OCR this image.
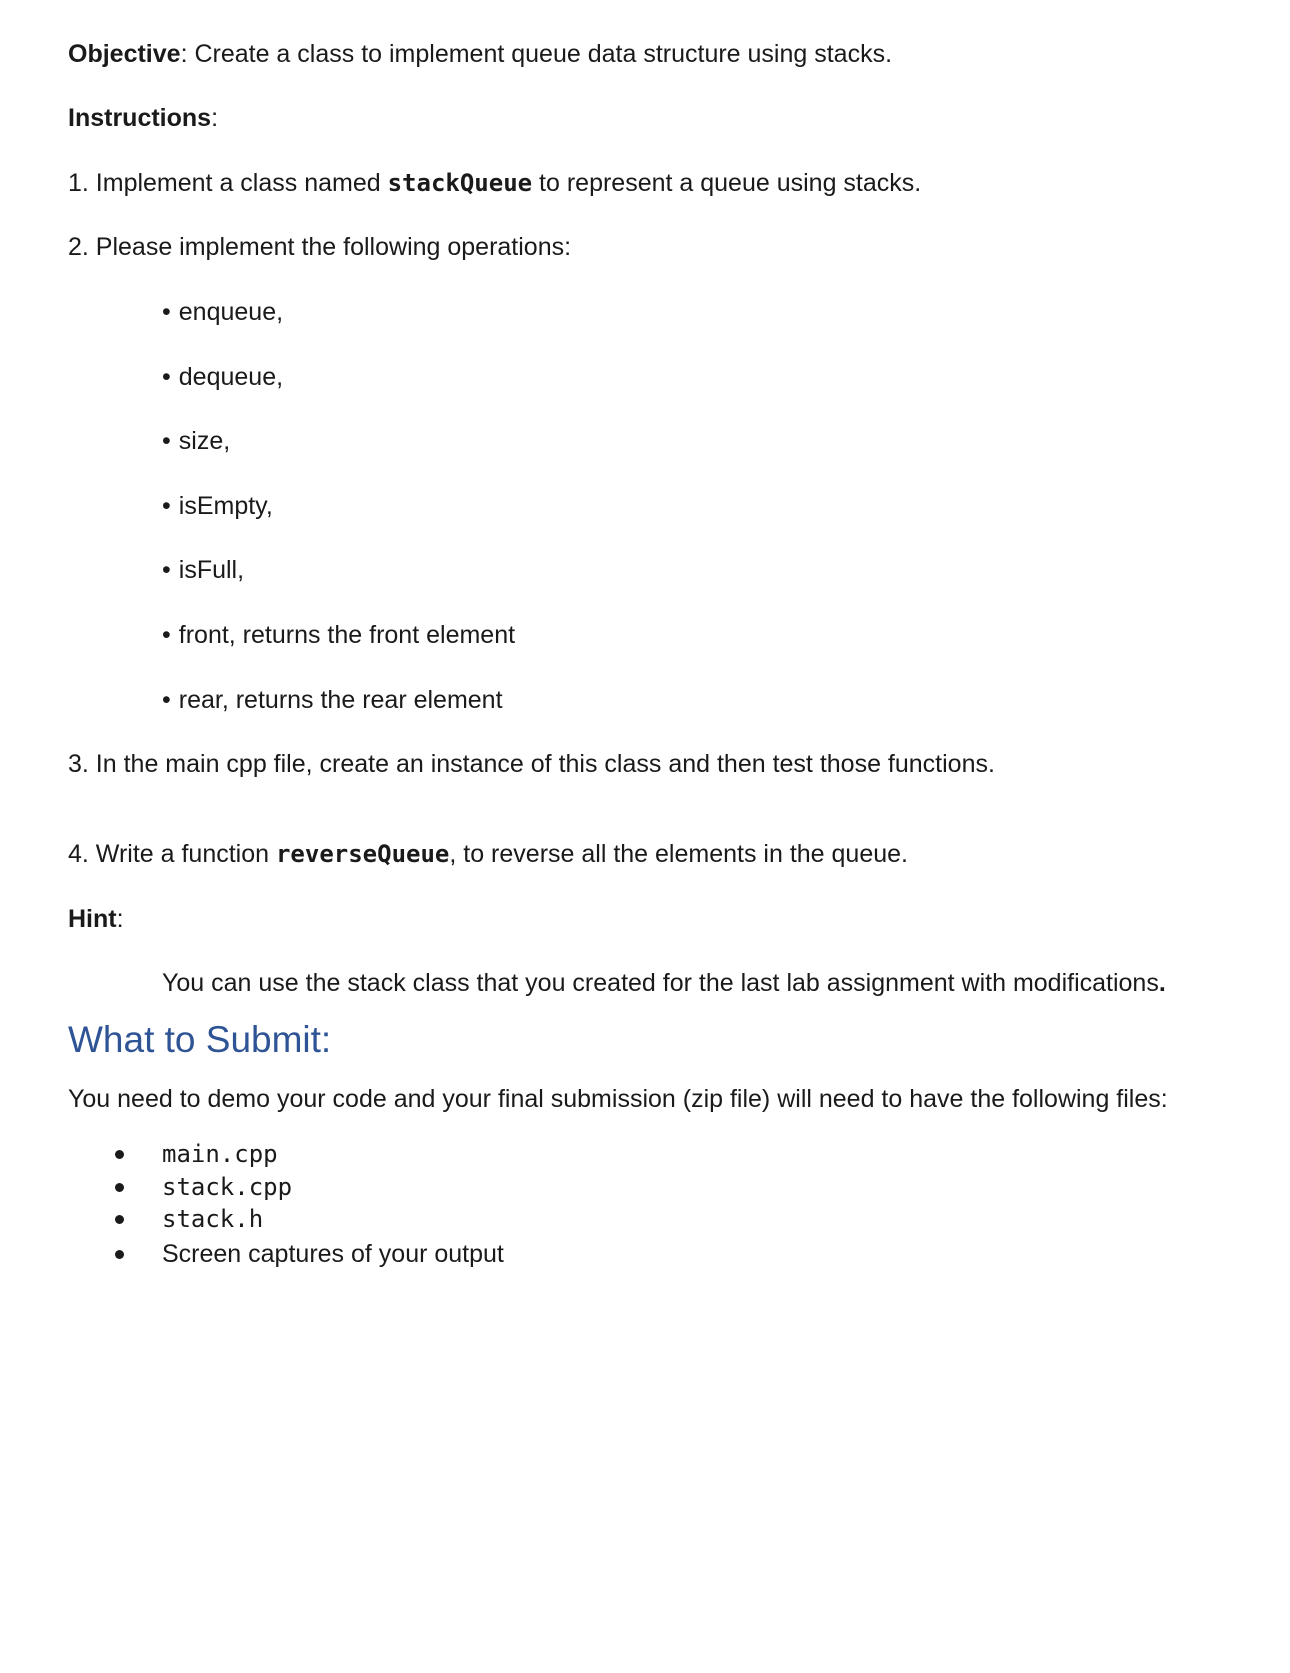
Objective: Create a class to implement queue data structure using stacks.
Instructions:
1. Implement a class named stackQueue to represent a queue using stacks.
2. Please implement the following operations:
• enqueue,
• dequeue,
• size,
• isEmpty,
• isFull,
• front, returns the front element
• rear, returns the rear element
3. In the main cpp file, create an instance of this class and then test those functions.
4. Write a function reverseQueue, to reverse all the elements in the queue.
Hint:
You can use the stack class that you created for the last lab assignment with modifications.
What to Submit:
You need to demo your code and your final submission (zip file) will need to have the following files:
main.cpp
stack.cpp
stack.h
Screen captures of your output
